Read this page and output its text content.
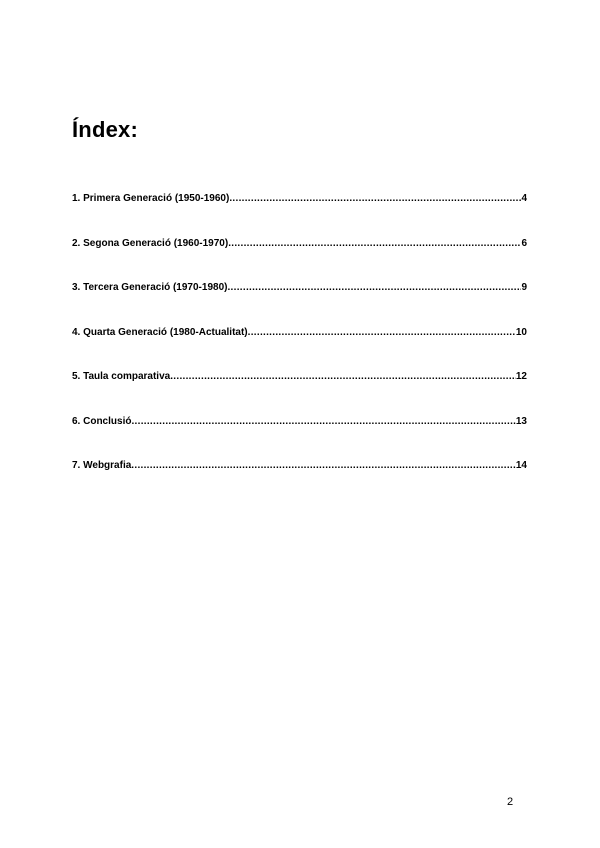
Índex:
1. Primera Generació (1950-1960) .....	4
2. Segona Generació (1960-1970) .....	6
3. Tercera Generació (1970-1980) .....	9
4. Quarta Generació (1980-Actualitat) .....	10
5. Taula comparativa .....	12
6. Conclusió .....	13
7. Webgrafia .....	14
2
